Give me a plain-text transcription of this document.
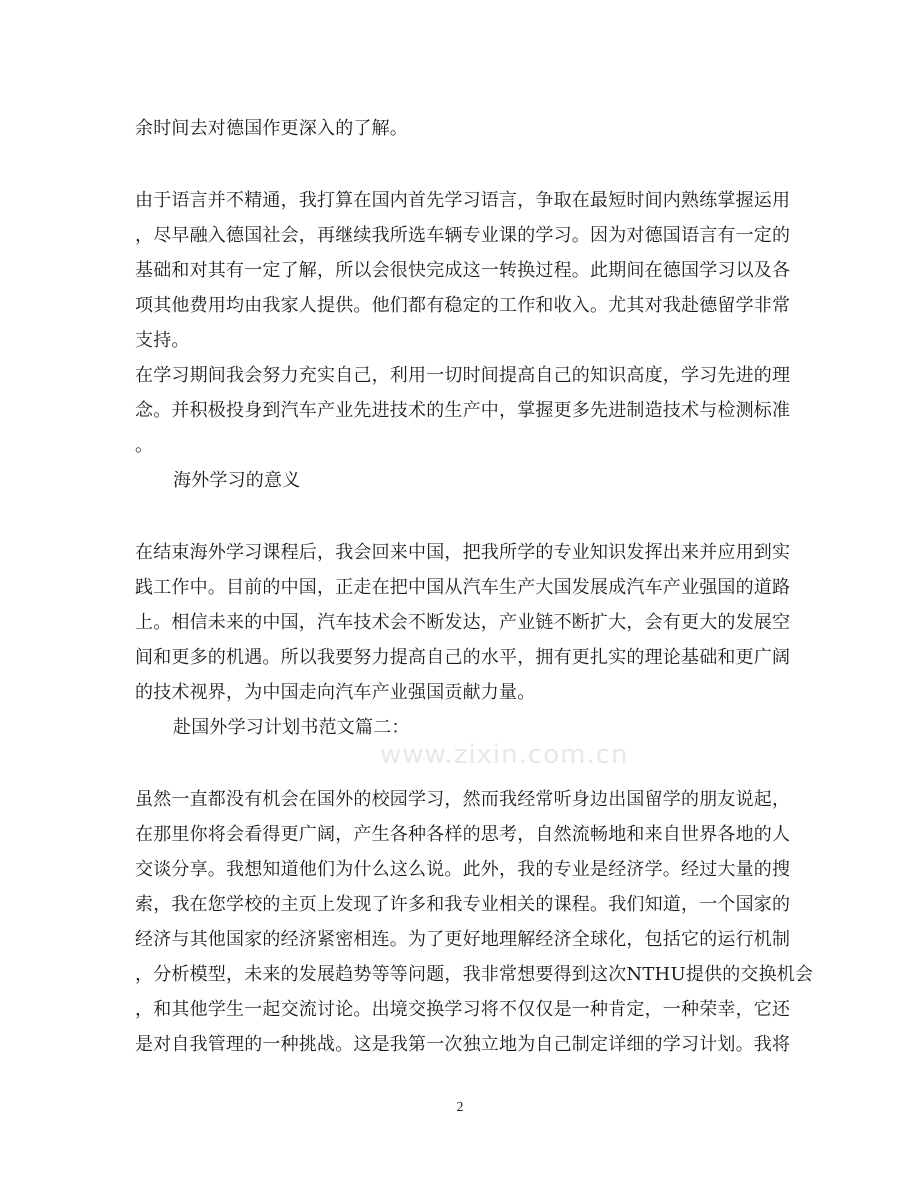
www.zixin.com.cn
余时间去对德国作更深入的了解。
由于语言并不精通，我打算在国内首先学习语言，争取在最短时间内熟练掌握运用
，尽早融入德国社会，再继续我所选车辆专业课的学习。因为对德国语言有一定的
基础和对其有一定了解，所以会很快完成这一转换过程。此期间在德国学习以及各
项其他费用均由我家人提供。他们都有稳定的工作和收入。尤其对我赴德留学非常
支持。
在学习期间我会努力充实自己，利用一切时间提高自己的知识高度，学习先进的理
念。并积极投身到汽车产业先进技术的生产中，掌握更多先进制造技术与检测标准
。
海外学习的意义
在结束海外学习课程后，我会回来中国，把我所学的专业知识发挥出来并应用到实
践工作中。目前的中国，正走在把中国从汽车生产大国发展成汽车产业强国的道路
上。相信未来的中国，汽车技术会不断发达，产业链不断扩大，会有更大的发展空
间和更多的机遇。所以我要努力提高自己的水平，拥有更扎实的理论基础和更广阔
的技术视界，为中国走向汽车产业强国贡献力量。
赴国外学习计划书范文篇二：
虽然一直都没有机会在国外的校园学习，然而我经常听身边出国留学的朋友说起，
在那里你将会看得更广阔，产生各种各样的思考，自然流畅地和来自世界各地的人
交谈分享。我想知道他们为什么这么说。此外，我的专业是经济学。经过大量的搜
索，我在您学校的主页上发现了许多和我专业相关的课程。我们知道，一个国家的
经济与其他国家的经济紧密相连。为了更好地理解经济全球化，包括它的运行机制
，分析模型，未来的发展趋势等等问题，我非常想要得到这次NTHU提供的交换机会
，和其他学生一起交流讨论。出境交换学习将不仅仅是一种肯定，一种荣幸，它还
是对自我管理的一种挑战。这是我第一次独立地为自己制定详细的学习计划。我将
2
